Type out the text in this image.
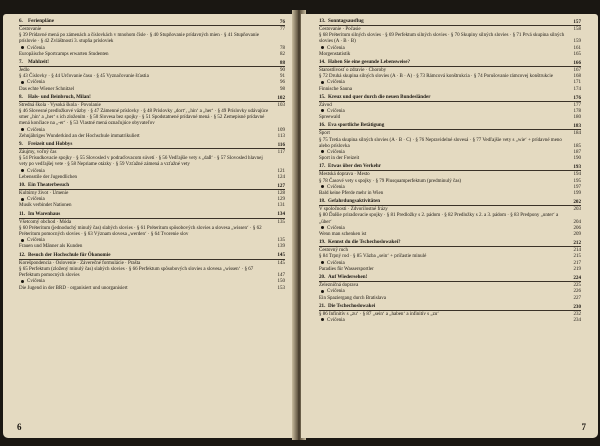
6. Ferienpläne	76
Cestovanie	77
§ 39 Prídavné mená po zámenách a číslovkách v mnohom čísle · § 40 Stupňovanie prídavných mien · § 41 Stupňovanie príslovie · § 42 Zvláštnosti 3. stupňa prísloviek
Cvičenia	78
Europäische Sportcamps erwarten Studenten	82
7. Mahlzeit!	88
Jedlo	90
§ 43 Číslovky · § 44 Určovanie času · § 45 Vyznačovanie šťastia	91
Cvičenia	96
Das echte Wiener Schnitzel	98
8. Hals- und Beinbruch, Milan!	102
Stredná škola · Vysoká škola · Povolanie	103
§ 46 Slovesné predložkové väzby · § 47 Zámenné príslovky · § 48 Príslovky „dort‘, „hin‘ a „her‘ · § 49 Príslovky udávajúce smer „hin‘ a „her‘ s ich zložením · § 50 Slovesa bez spojky · § 51 Spodstatnené prídavné mená · § 52 Zemepisné prídavné mená končiace na „-er‘ · § 53 Vlastné mená označujúce obyvateľov
Cvičenia	109
Zehnjähriges Wunderkind an der Hochschule immatrikuliert	113
9. Freizeit und Hobbys	116
Záujmy, voľný čas	117
§ 54 Prísudkovacie spojky · § 55 Slovosled v podraďovacom súvetí · § 56 Vedľajšie vety s „daß‘ · § 57 Slovosled hlavnej vety po vedľajšej vete · § 58 Nepriame otázky · § 59 Vzťažné zámená a vzťažné vety
Cvičenia	121
Lebensstile der Jugendlichen	124
10. Ein Theaterbesuch	127
Kultúrny život · Umenie	128
Cvičenia	129
Musik verbindet Nationen	131
11. Im Warenhaus	134
Všetcomý obchod · Móda	135
§ 60 Préteritum (jednoduchý minulý čas) slabých slovies · § 61 Préteritum spôsobových slovies a slovesa „wissen‘ · § 62 Préteritum pomocných slovies · § 63 Význam slovesa „werden‘ · § 64 Tvorenie slov
Cvičenia	135
Frauen und Männer als Kunden	139
12. Besuch der Hochschule für Ökonomie	145
Korešpondencia · Oslovenie · Záverečné formulácie · Prašta	145
§ 65 Perfektum (zložený minulý čas) slabých slovies · § 66 Perfektum spôsobových slovies a slovesa „wissen‘ · § 67 Perfektum pomocných slovies	147
Cvičenia	150
Die Jugend in der BRD · organisiert und unorganisiert	153
6
13. Sonntagsausflug	157
Cestovanie · Počasie	158
§ 68 Préteritum silných slovies · § 69 Perfektum silných slovies · § 70 Skupiny silných slovies · § 71 Prvá skupina silných slovies (A · B · B)	159
Cvičenia	161
Morgenstatistik	165
14. Haben Sie eine gesunde Lebensweise?	166
Starostlivosť o zdravie · Choroby	167
§ 72 Druhá skupina silných slovies (A · B · A) · § 73 Rámcová konštrukcia · § 74 Porušovanie rámcovej konštrukcie	168
Cvičenia	171
Finnische Sauna	174
15. Kreuz und quer durch die neuen Bundesländer	176
Závod	177
Cvičenia	178
Spreewald	180
16. Eva sportliche Betätigung	183
Šport	184
§ 75 Tretia skupina silných slovies (A · B · C) · § 76 Nepravidelné slovesá · § 77 Vedľajšie vety s „wie‘ + prídavné meno alebo príslovka	185
Cvičenia	187
Sport in der Freizeit	190
17. Etwas über den Verkehr	193
Mestská doprava · Mesto	194
§ 78 Časové vety s spojky · § 79 Plusquamperfektum (predminulý čas)	195
Cvičenia	197
Bald keine Pferde mehr in Wien	199
18. Gefahrdungsaktivitäten	202
V spoločnosti · Zdvorilostné frázy	203
§ 80 Ďalšie prirađovacie spojky · § 81 Predložky s 2. pádom · § 82 Predložky s 2. a 3. pádom · § 83 Predpony „unter‘ a „über‘	204
Cvičenia	206
Wenn man schenken ist	209
19. Kennst du die Tschechoslowakei?	212
Cestovný ruch	214
§ 84 Trpný rod · § 85 Väzba „sein‘ + príčastie minulé	215
Cvičenia	217
Paradies für Wassersportler	219
20. Auf Wiedersehen!	224
Železničná doprava	225
Cvičenia	226
Ein Spaziergang durch Bratislava	227
21. Die Tschechoslowakei	230
§ 86 Infinitív s „zu‘ · § 87 „sein‘ a „haben‘ a infinitív s „zu‘	232
Cvičenia	234
7
